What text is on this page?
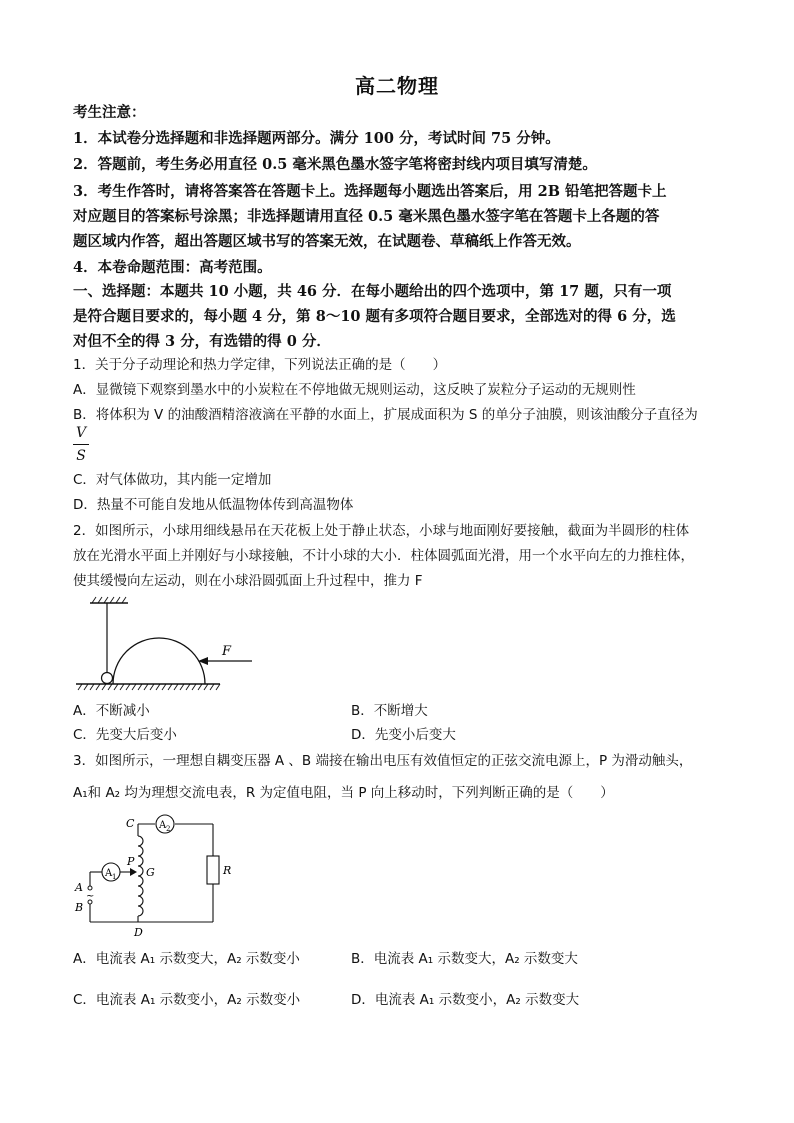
高二物理
考生注意：
1．本试卷分选择题和非选择题两部分。满分 100 分，考试时间 75 分钟。
2．答题前，考生务必用直径 0.5 毫米黑色墨水签字笔将密封线内项目填写清楚。
3．考生作答时，请将答案答在答题卡上。选择题每小题选出答案后，用 2B 铅笔把答题卡上
对应题目的答案标号涂黑；非选择题请用直径 0.5 毫米黑色墨水签字笔在答题卡上各题的答
题区域内作答，超出答题区域书写的答案无效，在试题卷、草稿纸上作答无效。
4．本卷命题范围：高考范围。
一、选择题：本题共 10 小题，共 46 分．在每小题给出的四个选项中，第 17 题，只有一项
是符合题目要求的，每小题 4 分，第 8～10 题有多项符合题目要求，全部选对的得 6 分，选
对但不全的得 3 分，有选错的得 0 分．
1．关于分子动理论和热力学定律，下列说法正确的是（　　）
A．显微镜下观察到墨水中的小炭粒在不停地做无规则运动，这反映了炭粒分子运动的无规则性
B．将体积为 V 的油酸酒精溶液滴在平静的水面上，扩展成面积为 S 的单分子油膜，则该油酸分子直径为
V
S
C．对气体做功，其内能一定增加
D．热量不可能自发地从低温物体传到高温物体
2．如图所示，小球用细线悬吊在天花板上处于静止状态，小球与地面刚好要接触，截面为半圆形的柱体
放在光滑水平面上并刚好与小球接触，不计小球的大小．柱体圆弧面光滑，用一个水平向左的力推柱体，
使其缓慢向左运动，则在小球沿圆弧面上升过程中，推力 F
F
A．不断减小	B．不断增大
C．先变大后变小	D．先变小后变大
3．如图所示，一理想自耦变压器 A 、B 端接在输出电压有效值恒定的正弦交流电源上，P 为滑动触头，
A₁和 A₂ 均为理想交流电表，R 为定值电阻，当 P 向上移动时，下列判断正确的是（　　）
~
A 1
A 2
C
D
P
G	R
A
B
A．电流表 A₁ 示数变大，A₂ 示数变小	B．电流表 A₁ 示数变大，A₂ 示数变大
C．电流表 A₁ 示数变小，A₂ 示数变小	D．电流表 A₁ 示数变小，A₂ 示数变大
